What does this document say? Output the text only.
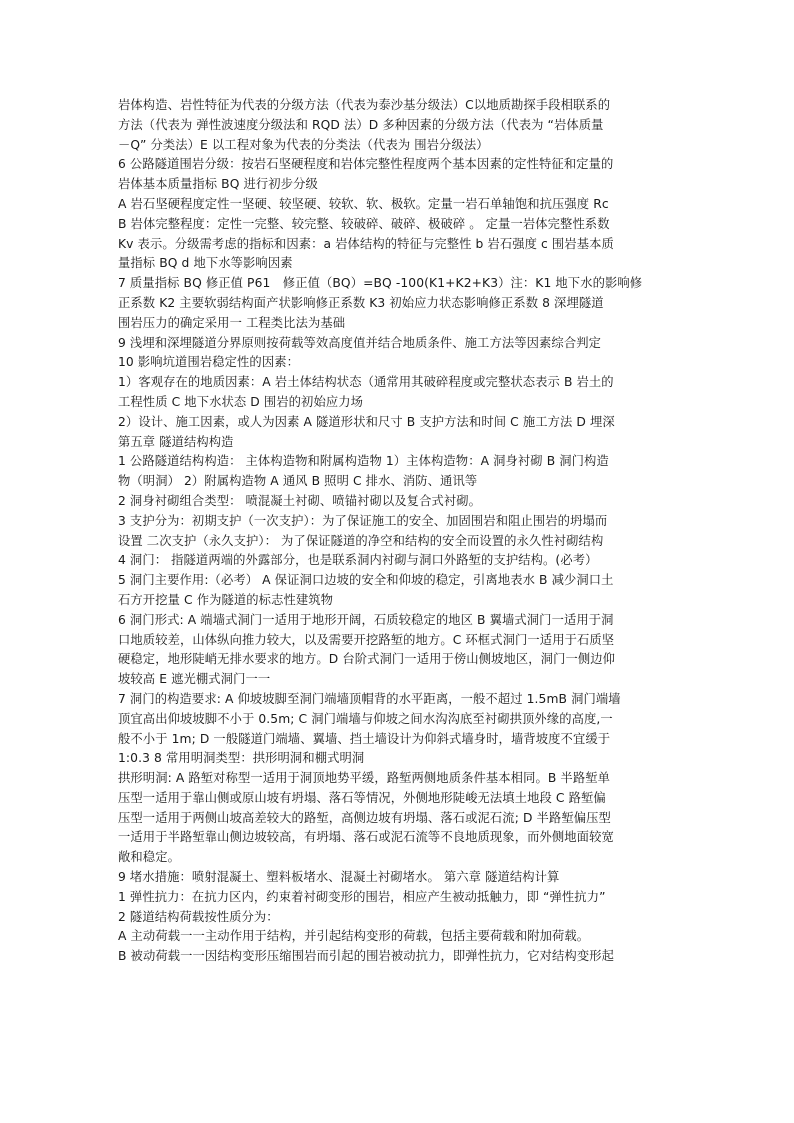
岩体构造、岩性特征为代表的分级方法（代表为泰沙基分级法）C以地质勘探手段相联系的
方法（代表为 弹性波速度分级法和 RQD 法）D 多种因素的分级方法（代表为 “岩体质量
－Q” 分类法）E 以工程对象为代表的分类法（代表为 围岩分级法）
6 公路隧道围岩分级：按岩石坚硬程度和岩体完整性程度两个基本因素的定性特征和定量的
岩体基本质量指标 BQ 进行初步分级
A 岩石坚硬程度定性一坚硬、较坚硬、较软、软、极软。定量一岩石单轴饱和抗压强度 Rc
B 岩体完整程度：定性一完整、较完整、较破碎、破碎、极破碎 。 定量一岩体完整性系数
Kv 表示。分级需考虑的指标和因素：a 岩体结构的特征与完整性 b 岩石强度 c 围岩基本质
量指标 BQ d 地下水等影响因素
7 质量指标 BQ 修正值 P61　修正值（BQ）=BQ -100(K1+K2+K3）注：K1 地下水的影响修
正系数 K2 主要软弱结构面产状影响修正系数 K3 初始应力状态影响修正系数 8 深埋隧道
围岩压力的确定采用一 工程类比法为基础
9 浅埋和深埋隧道分界原则按荷载等效高度值并结合地质条件、施工方法等因素综合判定
10 影响坑道围岩稳定性的因素：
1）客观存在的地质因素：A 岩土体结构状态（通常用其破碎程度或完整状态表示 B 岩土的
工程性质 C 地下水状态 D 围岩的初始应力场
2）设计、施工因素，或人为因素 A 隧道形状和尺寸 B 支护方法和时间 C 施工方法 D 埋深
第五章 隧道结构构造
1 公路隧道结构构造： 主体构造物和附属构造物 1）主体构造物：A 洞身衬砌 B 洞门构造
物（明洞） 2）附属构造物 A 通风 B 照明 C 排水、消防、通讯等
2 洞身衬砌组合类型： 喷混凝土衬砌、喷锚衬砌以及复合式衬砌。
3 支护分为：初期支护（一次支护）：为了保证施工的安全、加固围岩和阻止围岩的坍塌而
设置 二次支护（永久支护）： 为了保证隧道的净空和结构的安全而设置的永久性衬砌结构
4 洞门： 指隧道两端的外露部分，也是联系洞内衬砌与洞口外路堑的支护结构。(必考）
5 洞门主要作用:（必考） A 保证洞口边坡的安全和仰坡的稳定，引离地表水 B 减少洞口土
石方开挖量 C 作为隧道的标志性建筑物
6 洞门形式: A 端墙式洞门一适用于地形开阔，石质较稳定的地区 B 翼墙式洞门一适用于洞
口地质较差，山体纵向推力较大，以及需要开挖路堑的地方。C 环框式洞门一适用于石质坚
硬稳定，地形陡峭无排水要求的地方。D 台阶式洞门一适用于傍山侧坡地区，洞门一侧边仰
坡较高 E 遮光棚式洞门一一
7 洞门的构造要求: A 仰坡坡脚至洞门端墙顶帽背的水平距离，一般不超过 1.5mB 洞门端墙
顶宜高出仰坡坡脚不小于 0.5m; C 洞门端墙与仰坡之间水沟沟底至衬砌拱顶外缘的高度,一
般不小于 1m; D 一般隧道门端墙、翼墙、挡土墙设计为仰斜式墙身时，墙背坡度不宜缓于
1:0.3 8 常用明洞类型：拱形明洞和棚式明洞
拱形明洞: A 路堑对称型一适用于洞顶地势平缓，路堑两侧地质条件基本相同。B 半路堑单
压型一适用于靠山侧或原山坡有坍塌、落石等情况，外侧地形陡峻无法填土地段 C 路堑偏
压型一适用于两侧山坡高差较大的路堑，高侧边坡有坍塌、落石或泥石流; D 半路堑偏压型
一适用于半路堑靠山侧边坡较高，有坍塌、落石或泥石流等不良地质现象，而外侧地面较宽
敞和稳定。
9 堵水措施：喷射混凝土、塑料板堵水、混凝土衬砌堵水。 第六章 隧道结构计算
1 弹性抗力：在抗力区内，约束着衬砌变形的围岩，相应产生被动抵触力，即 “弹性抗力”
2 隧道结构荷载按性质分为：
A 主动荷载一一主动作用于结构，并引起结构变形的荷载，包括主要荷载和附加荷载。
B 被动荷载一一因结构变形压缩围岩而引起的围岩被动抗力，即弹性抗力，它对结构变形起
